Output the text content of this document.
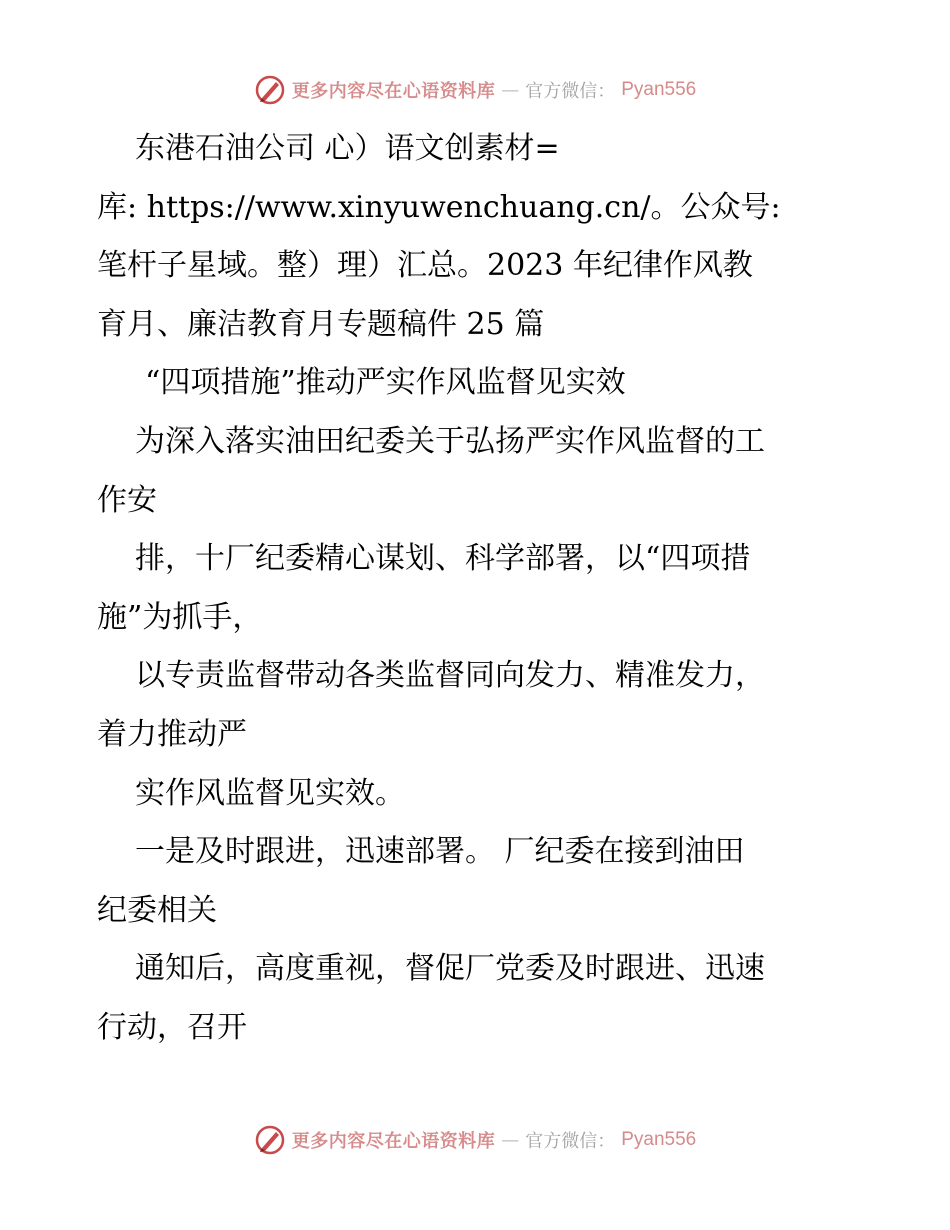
更多内容尽在心语资料库 — 官方微信： Pyan556
东港石油公司 心）语文创素材=
库: https://www.xinyuwenchuang.cn/。公众号:
笔杆子星域。整）理）汇总。2023 年纪律作风教
育月、廉洁教育月专题稿件 25 篇
“四项措施”推动严实作风监督见实效
为深入落实油田纪委关于弘扬严实作风监督的工
作安
排，十厂纪委精心谋划、科学部署，以“四项措
施”为抓手，
以专责监督带动各类监督同向发力、精准发力，
着力推动严
实作风监督见实效。
一是及时跟进，迅速部署。 厂纪委在接到油田
纪委相关
通知后，高度重视，督促厂党委及时跟进、迅速
行动，召开
更多内容尽在心语资料库 — 官方微信： Pyan556
